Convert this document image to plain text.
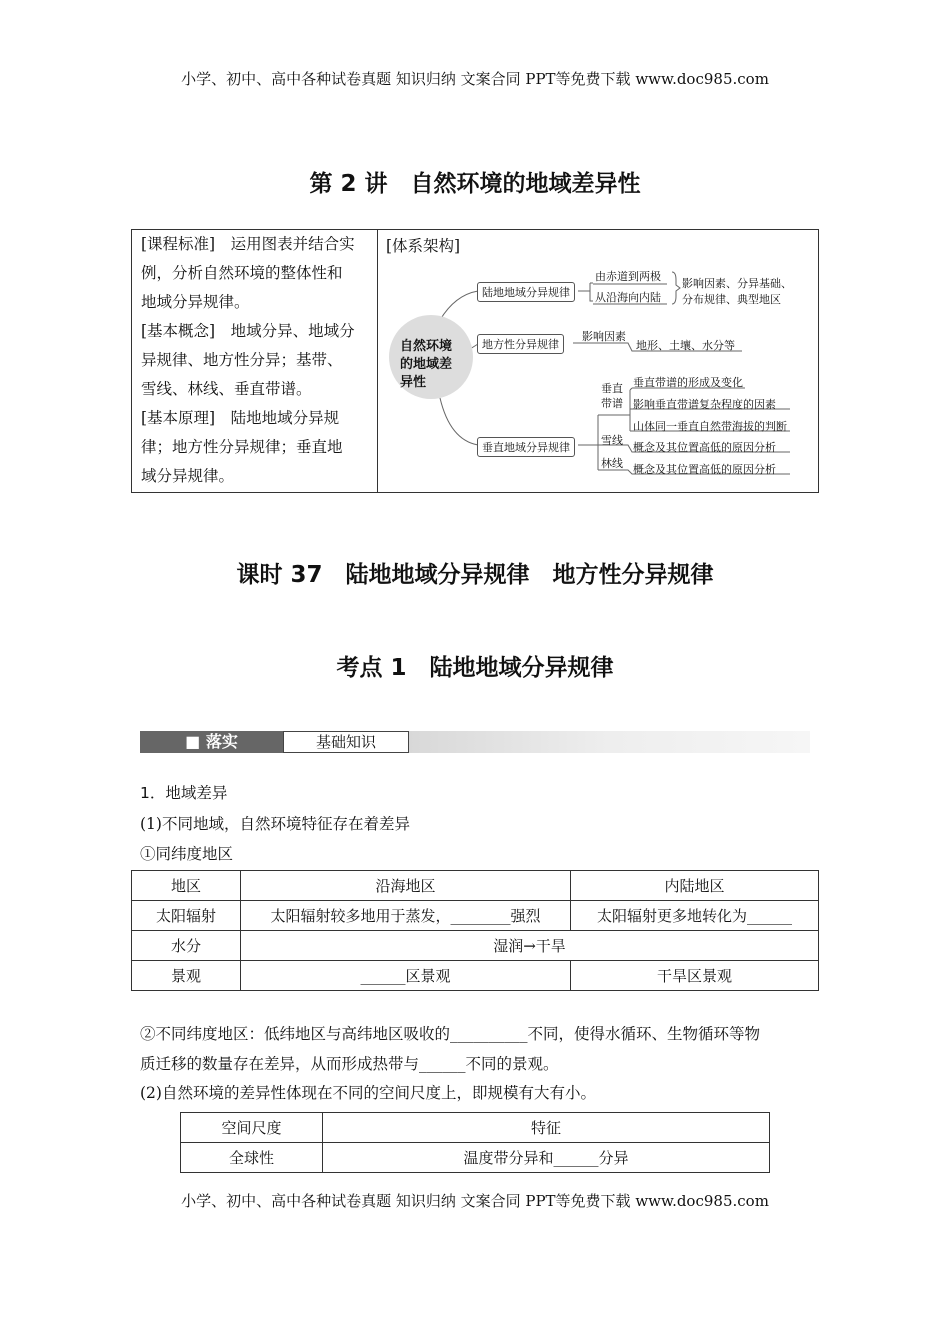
小学、初中、高中各种试卷真题 知识归纳 文案合同 PPT等免费下载 www.doc985.com
第 2 讲　自然环境的地域差异性
[课程标准]　运用图表并结合实
例，分析自然环境的整体性和
地域分异规律。
[基本概念]　地域分异、地域分
异规律、地方性分异；基带、
雪线、林线、垂直带谱。
[基本原理]　陆地地域分异规
律；地方性分异规律；垂直地
域分异规律。
[体系架构]
自然环境的地域差异性
陆地地域分异规律
由赤道到两极
从沿海向内陆
影响因素、分异基础、
分布规律、典型地区
地方性分异规律
影响因素
地形、土壤、水分等
垂直地域分异规律
垂直带谱
雪线
林线
垂直带谱的形成及变化
影响垂直带谱复杂程度的因素
山体同一垂直自然带海拔的判断
概念及其位置高低的原因分析
概念及其位置高低的原因分析
课时 37　陆地地域分异规律　地方性分异规律
考点 1　陆地地域分异规律
■ 落实	基础知识
1．地域差异
(1)不同地域，自然环境特征存在着差异
①同纬度地区
地区	沿海地区	内陆地区
太阳辐射	太阳辐射较多地用于蒸发，________强烈	太阳辐射更多地转化为______
水分	湿润→干旱	
景观	______区景观	干旱区景观
②不同纬度地区：低纬地区与高纬地区吸收的__________不同，使得水循环、生物循环等物
质迁移的数量存在差异，从而形成热带与______不同的景观。
(2)自然环境的差异性体现在不同的空间尺度上，即规模有大有小。
空间尺度	特征
全球性	温度带分异和______分异
小学、初中、高中各种试卷真题 知识归纳 文案合同 PPT等免费下载 www.doc985.com
